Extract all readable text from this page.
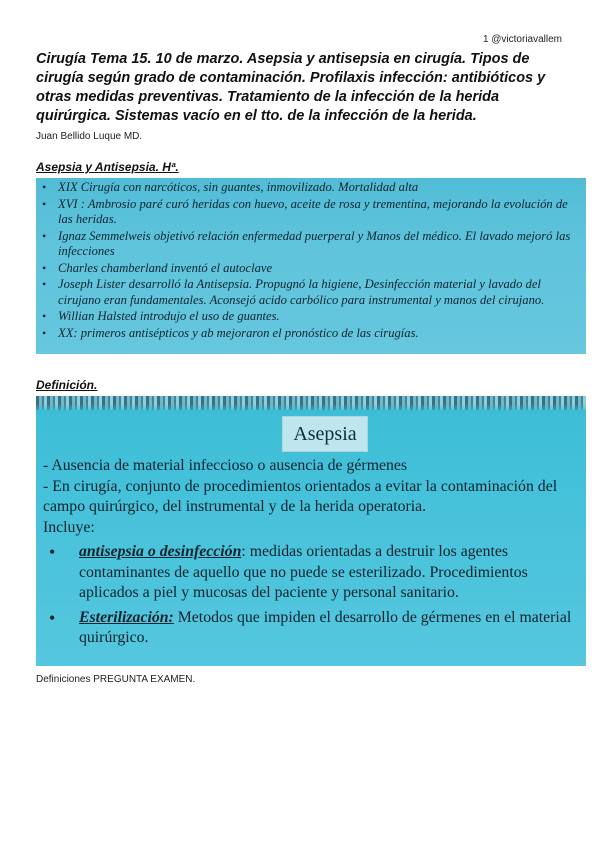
1 @victoriavallem
Cirugía Tema 15. 10 de marzo. Asepsia y antisepsia en cirugía. Tipos de cirugía según grado de contaminación. Profilaxis infección: antibióticos y otras medidas preventivas. Tratamiento de la infección de la herida quirúrgica. Sistemas vacío en el tto. de la infección de la herida.
Juan Bellido Luque MD.
Asepsia y Antisepsia. Hª.
• XIX Cirugía con narcóticos, sin guantes, inmovilizado. Mortalidad alta
• XVI : Ambrosio paré curó heridas con huevo, aceite de rosa y trementina, mejorando la evolución de las heridas.
• Ignaz Semmelweis objetivó relación enfermedad puerperal y Manos del médico. El lavado mejoró las infecciones
• Charles chamberland inventó el autoclave
• Joseph Lister desarrolló la Antisepsia. Propugnó la higiene, Desinfección material y lavado del cirujano eran fundamentales. Aconsejó acido carbólico para instrumental y manos del cirujano.
• Willian Halsted introdujo el uso de guantes.
• XX: primeros antisépticos y ab mejoraron el pronóstico de las cirugías.
Definición.
Asepsia

- Ausencia de material infeccioso o ausencia de gérmenes

- En cirugía, conjunto de procedimientos orientados a evitar la contaminación del campo quirúrgico, del instrumental y de la herida operatoria.

Incluye:

• antisepsia o desinfección: medidas orientadas a destruir los agentes contaminantes de aquello que no puede se esterilizado. Procedimientos aplicados a piel y mucosas del paciente y personal sanitario.
• Esterilización: Metodos que impiden el desarrollo de gérmenes en el material quirúrgico.
Definiciones PREGUNTA EXAMEN.
